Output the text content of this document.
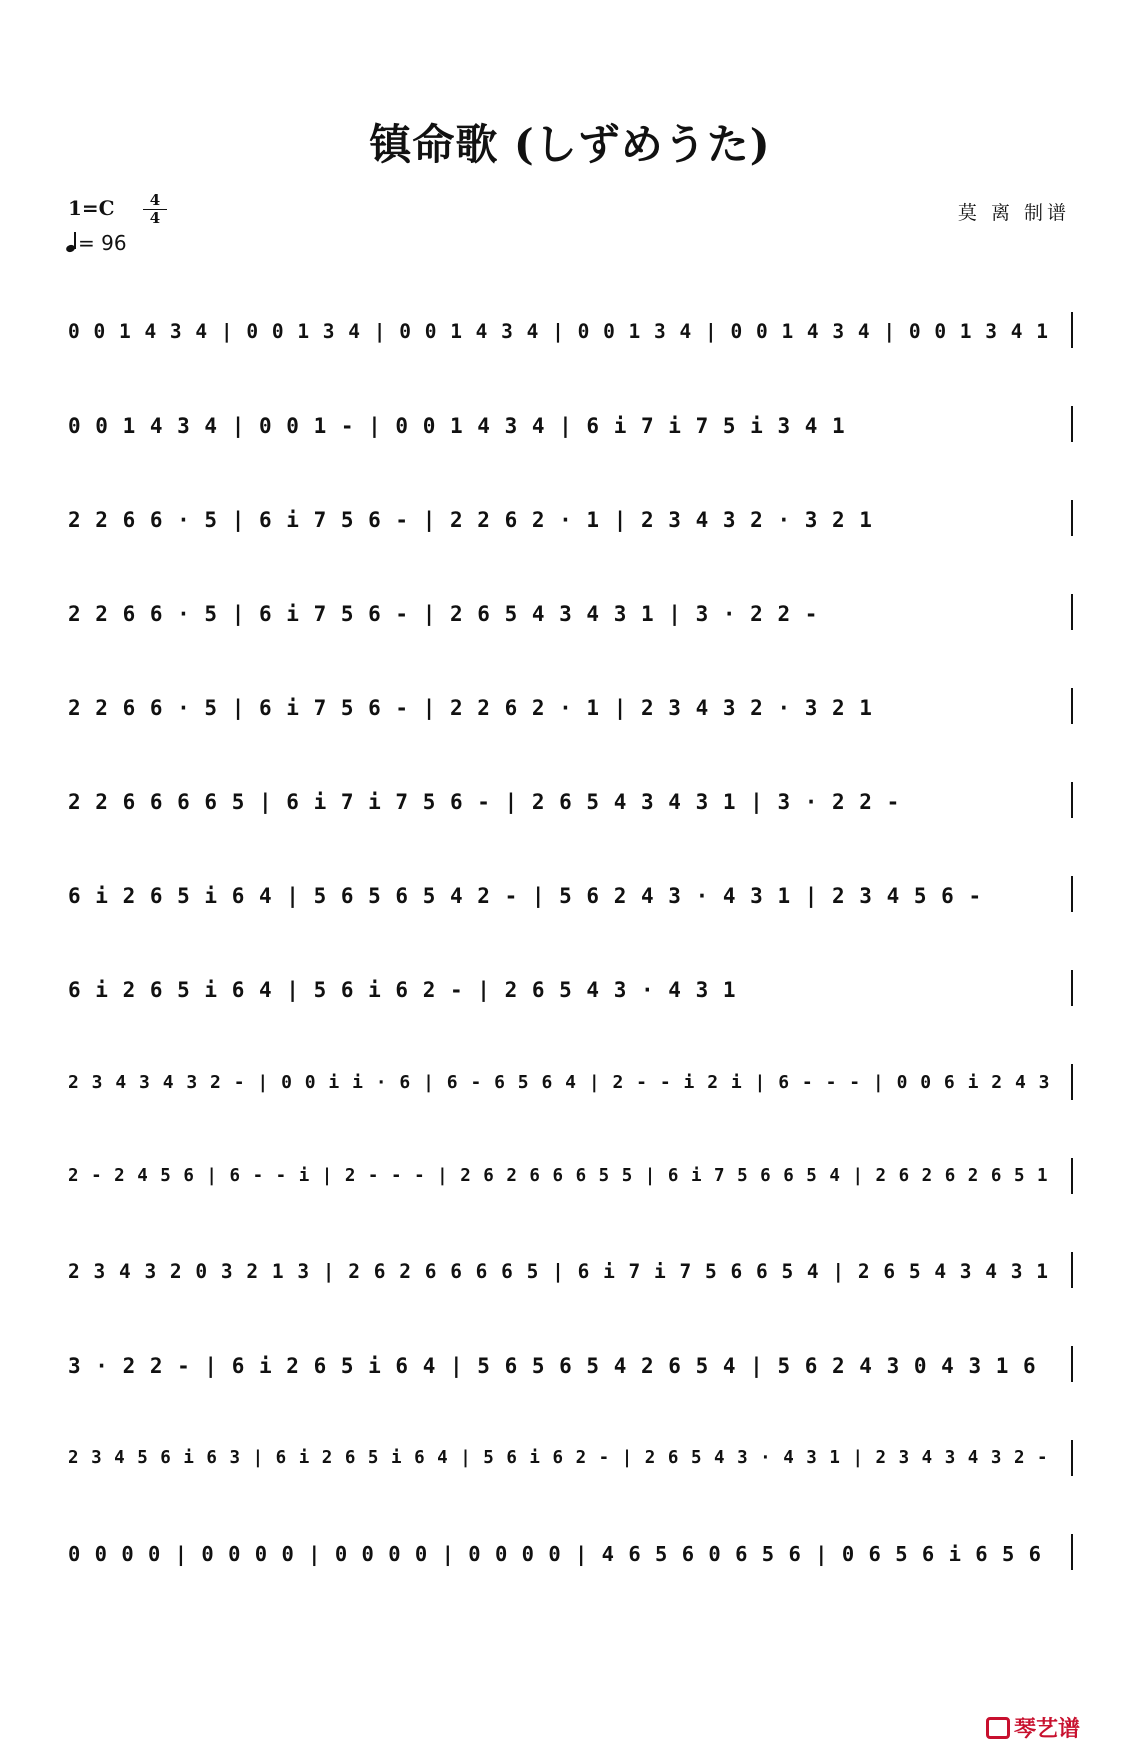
镇命歌 (しずめうた)
1=C	4
4
= 96
莫 离 制谱
0 0 1 4 3 4 | 0 0 1 3 4 | 0 0 1 4 3 4 | 0 0 1 3 4 | 0 0 1 4 3 4 | 0 0 1 3 4 1
0 0 1 4 3 4 | 0 0 1 - | 0 0 1 4 3 4 | 6 i 7 i 7 5 i 3 4 1
2 2 6 6 · 5 | 6 i 7 5 6 - | 2 2 6 2 · 1 | 2 3 4 3 2 · 3 2 1
2 2 6 6 · 5 | 6 i 7 5 6 - | 2 6 5 4 3 4 3 1 | 3 · 2 2 -
2 2 6 6 · 5 | 6 i 7 5 6 - | 2 2 6 2 · 1 | 2 3 4 3 2 · 3 2 1
2 2 6 6 6 6 5 | 6 i 7 i 7 5 6 - | 2 6 5 4 3 4 3 1 | 3 · 2 2 -
6 i 2 6 5 i 6 4 | 5 6 5 6 5 4 2 - | 5 6 2 4 3 · 4 3 1 | 2 3 4 5 6 -
6 i 2 6 5 i 6 4 | 5 6 i 6 2 - | 2 6 5 4 3 · 4 3 1
2 3 4 3 4 3 2 - | 0 0 i i · 6 | 6 - 6 5 6 4 | 2 - - i 2 i | 6 - - - | 0 0 6 i 2 4 3
2 - 2 4 5 6 | 6 - - i | 2 - - - | 2 6 2 6 6 6 5 5 | 6 i 7 5 6 6 5 4 | 2 6 2 6 2 6 5 1
2 3 4 3 2 0 3 2 1 3 | 2 6 2 6 6 6 6 5 | 6 i 7 i 7 5 6 6 5 4 | 2 6 5 4 3 4 3 1
3 · 2 2 - | 6 i 2 6 5 i 6 4 | 5 6 5 6 5 4 2 6 5 4 | 5 6 2 4 3 0 4 3 1 6
2 3 4 5 6 i 6 3 | 6 i 2 6 5 i 6 4 | 5 6 i 6 2 - | 2 6 5 4 3 · 4 3 1 | 2 3 4 3 4 3 2 -
0 0 0 0 | 0 0 0 0 | 0 0 0 0 | 0 0 0 0 | 4 6 5 6 0 6 5 6 | 0 6 5 6 i 6 5 6
琴艺谱
